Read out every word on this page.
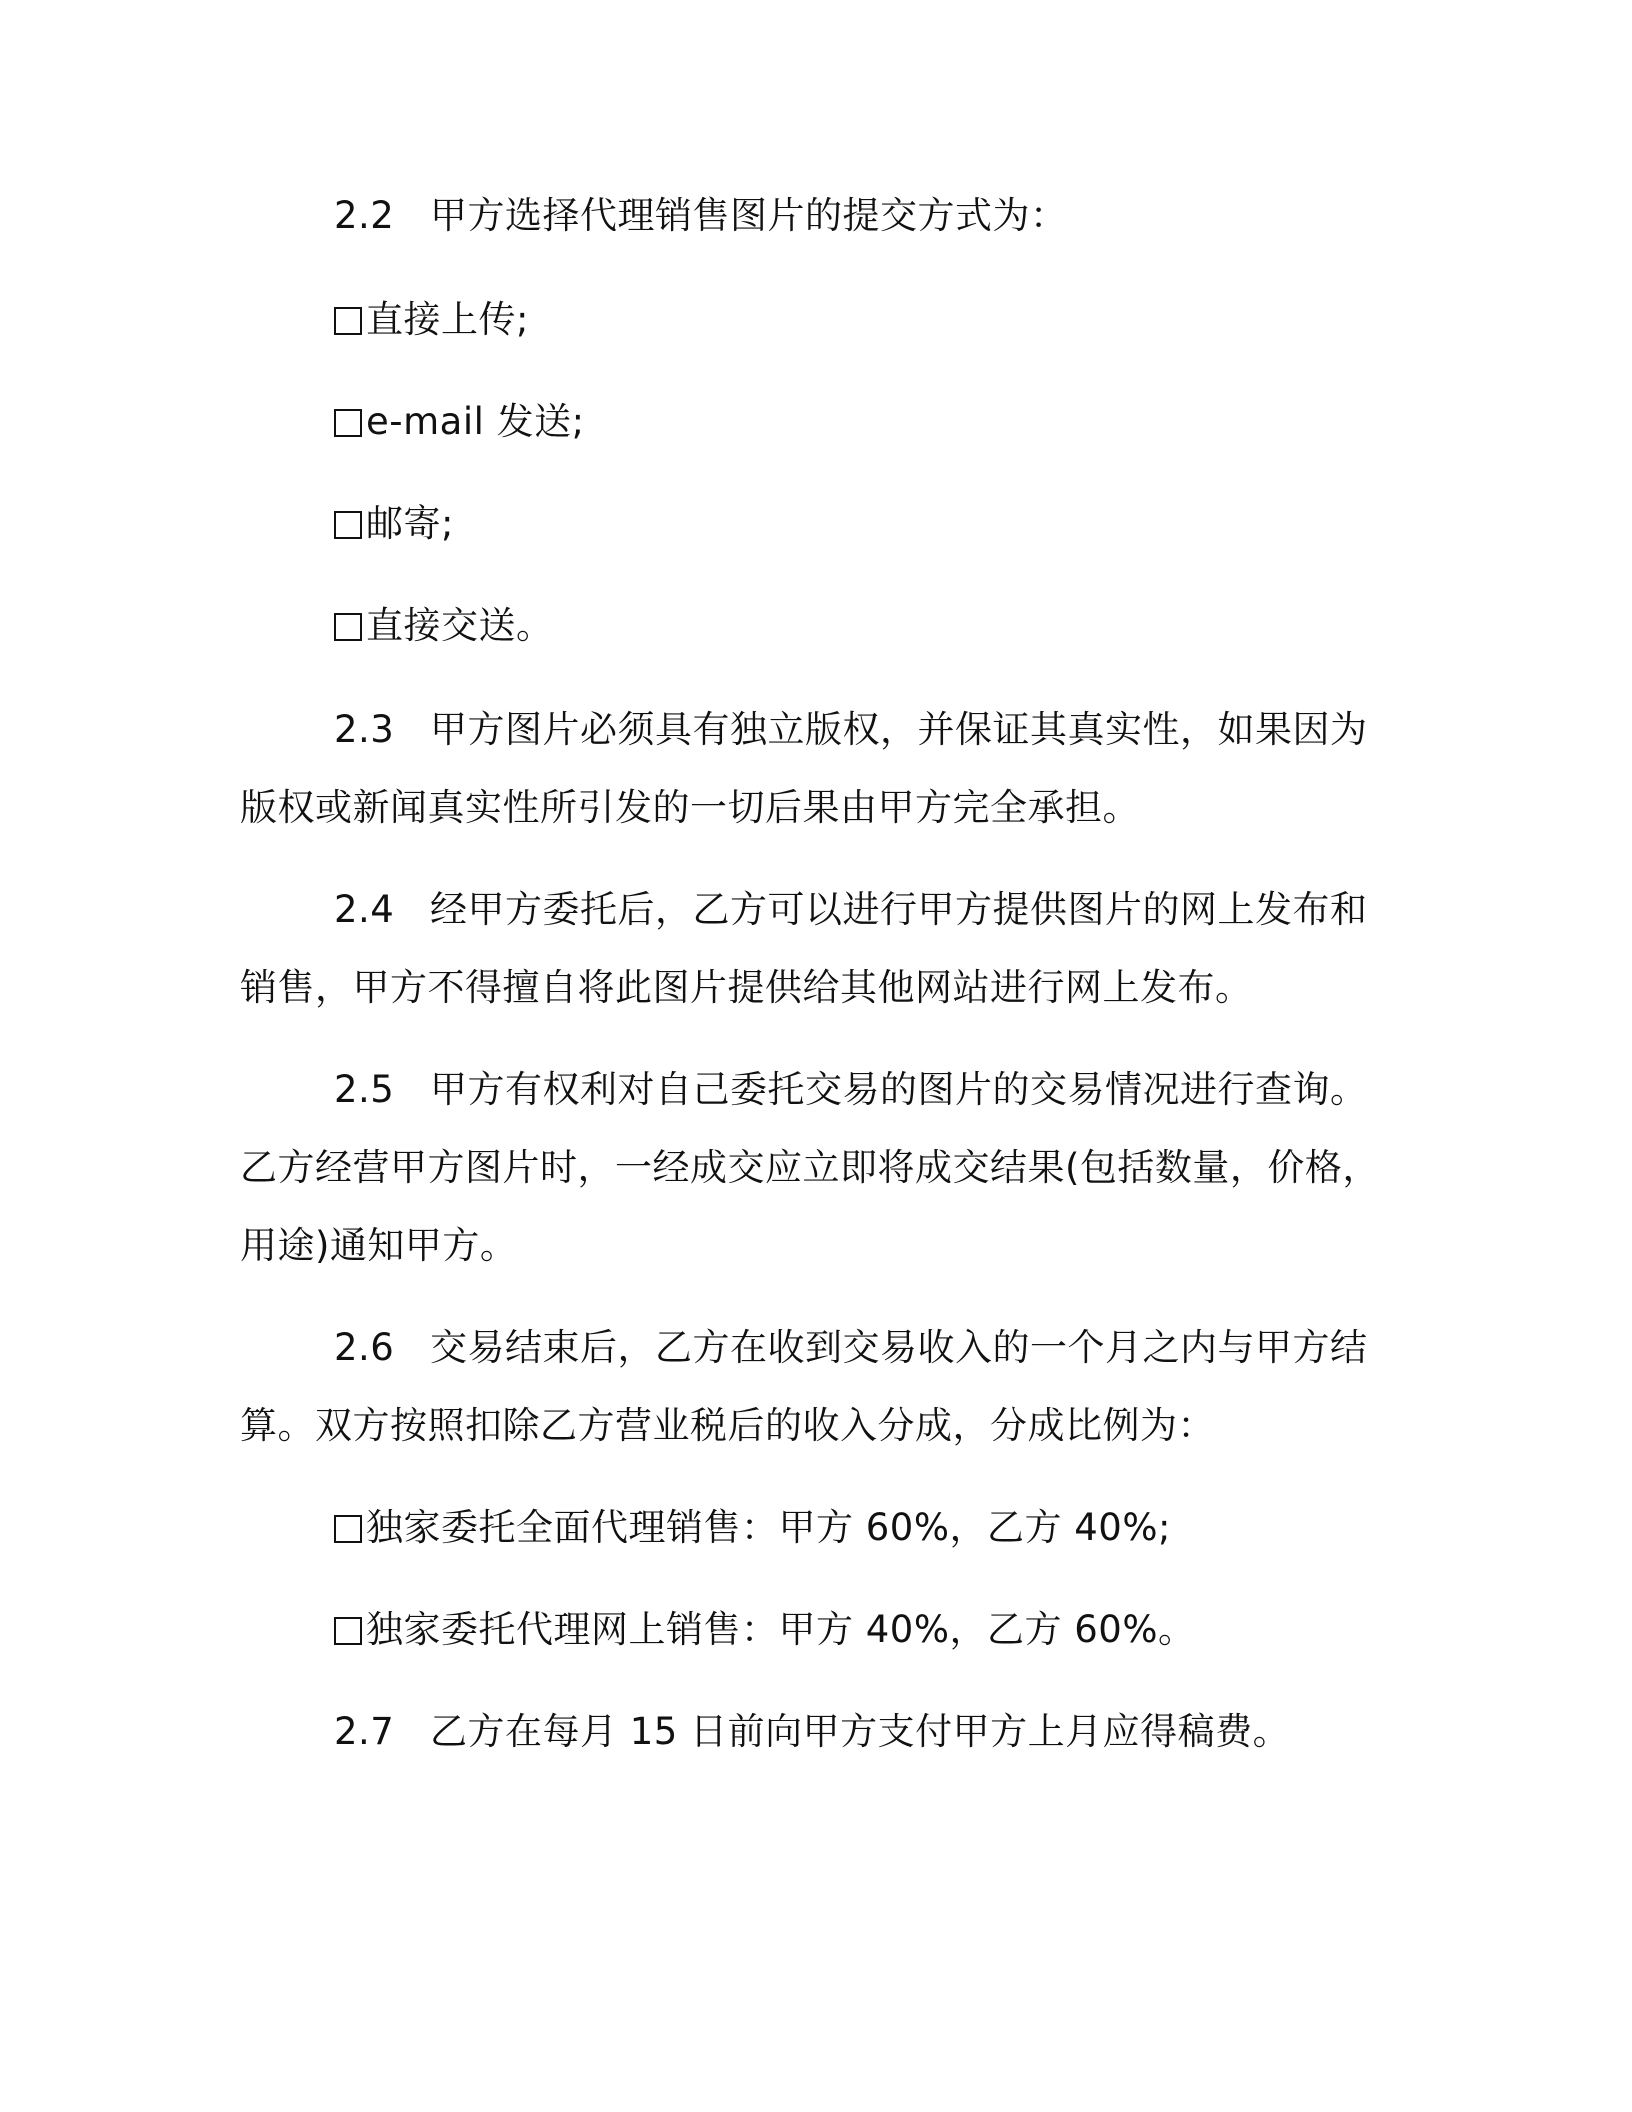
2.2 甲方选择代理销售图片的提交方式为：
直接上传;
e-mail 发送;
邮寄;
直接交送。
2.3 甲方图片必须具有独立版权，并保证其真实性，如果因为
版权或新闻真实性所引发的一切后果由甲方完全承担。
2.4 经甲方委托后，乙方可以进行甲方提供图片的网上发布和
销售，甲方不得擅自将此图片提供给其他网站进行网上发布。
2.5 甲方有权利对自己委托交易的图片的交易情况进行查询。
乙方经营甲方图片时，一经成交应立即将成交结果(包括数量，价格，
用途)通知甲方。
2.6 交易结束后，乙方在收到交易收入的一个月之内与甲方结
算。双方按照扣除乙方营业税后的收入分成，分成比例为：
独家委托全面代理销售：甲方 60%，乙方 40%;
独家委托代理网上销售：甲方 40%，乙方 60%。
2.7 乙方在每月 15 日前向甲方支付甲方上月应得稿费。
